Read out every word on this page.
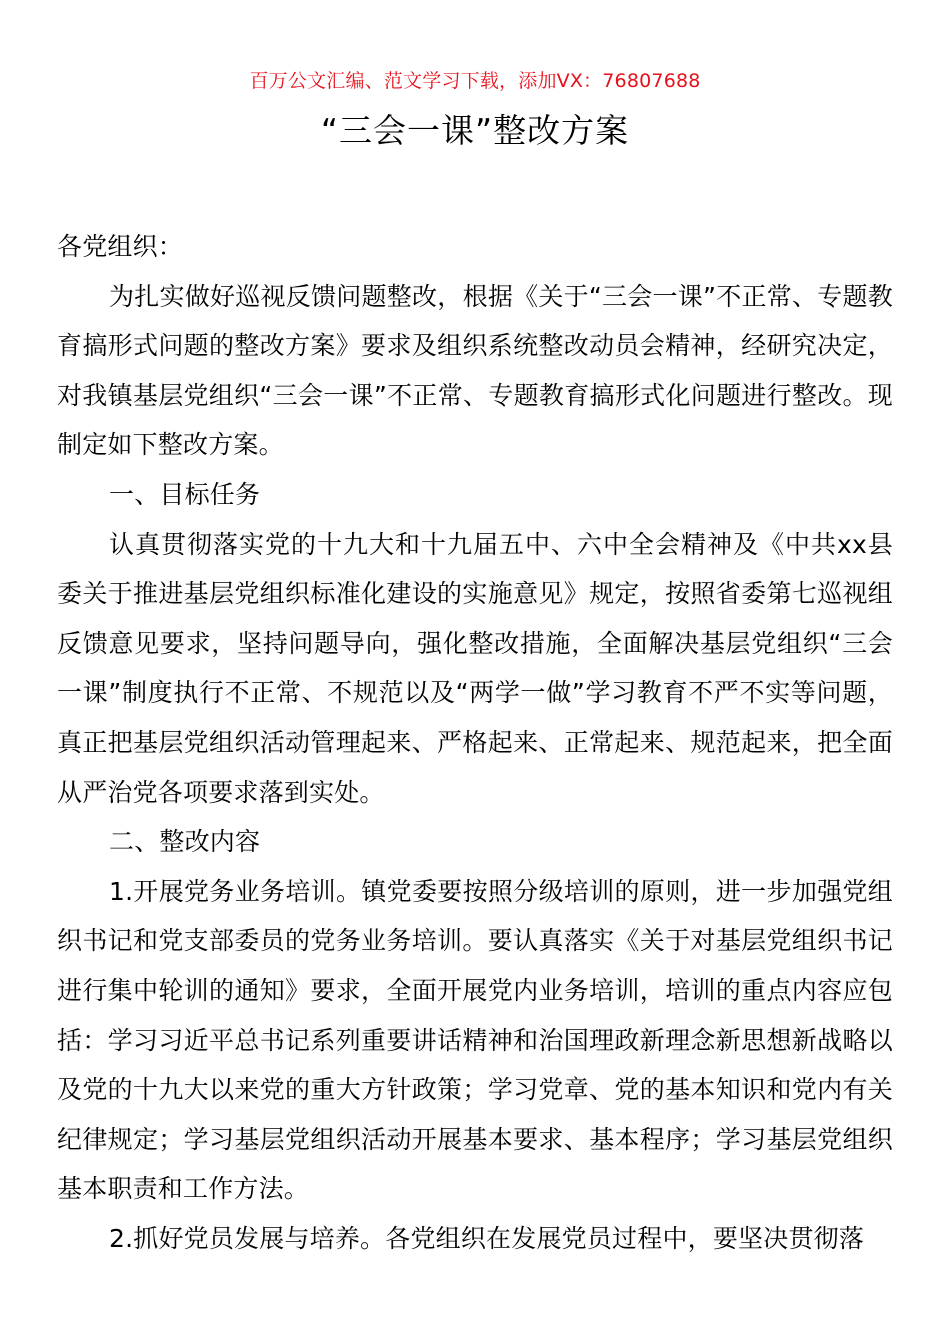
百万公文汇编、范文学习下载，添加VX：76807688
“三会一课”整改方案

各党组织：

为扎实做好巡视反馈问题整改，根据《关于“三会一课”不正常、专题教育搞形式问题的整改方案》要求及组织系统整改动员会精神，经研究决定，对我镇基层党组织“三会一课”不正常、专题教育搞形式化问题进行整改。现制定如下整改方案。

一、目标任务

认真贯彻落实党的十九大和十九届五中、六中全会精神及《中共xx县委关于推进基层党组织标准化建设的实施意见》规定，按照省委第七巡视组反馈意见要求，坚持问题导向，强化整改措施，全面解决基层党组织“三会一课”制度执行不正常、不规范以及“两学一做”学习教育不严不实等问题，真正把基层党组织活动管理起来、严格起来、正常起来、规范起来，把全面从严治党各项要求落到实处。

二、整改内容

1.开展党务业务培训。镇党委要按照分级培训的原则，进一步加强党组织书记和党支部委员的党务业务培训。要认真落实《关于对基层党组织书记进行集中轮训的通知》要求，全面开展党内业务培训，培训的重点内容应包括：学习习近平总书记系列重要讲话精神和治国理政新理念新思想新战略以及党的十九大以来党的重大方针政策；学习党章、党的基本知识和党内有关纪律规定；学习基层党组织活动开展基本要求、基本程序；学习基层党组织基本职责和工作方法。

2.抓好党员发展与培养。各党组织在发展党员过程中，要坚决贯彻落
